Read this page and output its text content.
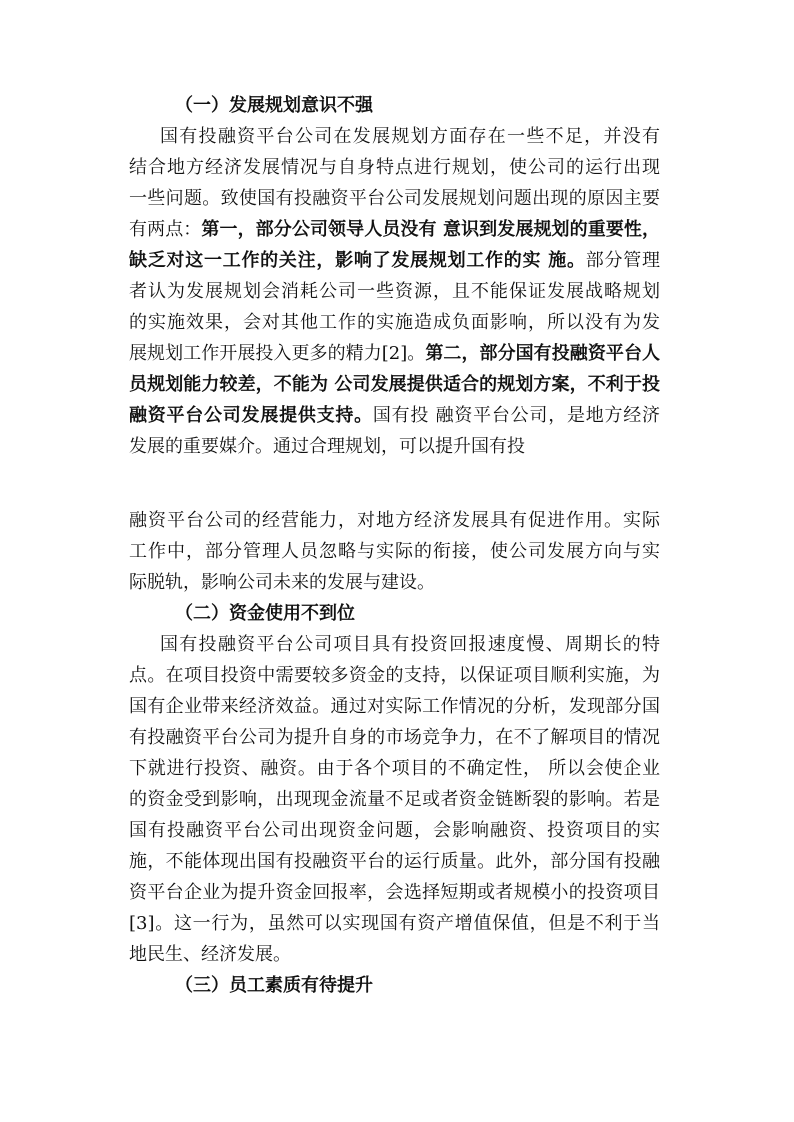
（一）发展规划意识不强
国有投融资平台公司在发展规划方面存在一些不足，并没有
结合地方经济发展情况与自身特点进行规划，使公司的运行出现
一些问题。致使国有投融资平台公司发展规划问题出现的原因主要
有两点：第一，部分公司领导人员没有 意识到发展规划的重要性，
缺乏对这一工作的关注，影响了发展规划工作的实 施。部分管理
者认为发展规划会消耗公司一些资源，且不能保证发展战略规划
的实施效果，会对其他工作的实施造成负面影响，所以没有为发
展规划工作开展投入更多的精力[2]。第二，部分国有投融资平台人
员规划能力较差，不能为 公司发展提供适合的规划方案，不利于投
融资平台公司发展提供支持。国有投 融资平台公司，是地方经济
发展的重要媒介。通过合理规划，可以提升国有投
融资平台公司的经营能力，对地方经济发展具有促进作用。实际
工作中，部分管理人员忽略与实际的衔接，使公司发展方向与实
际脱轨，影响公司未来的发展与建设。
（二）资金使用不到位
国有投融资平台公司项目具有投资回报速度慢、周期长的特
点。在项目投资中需要较多资金的支持，以保证项目顺利实施，为
国有企业带来经济效益。通过对实际工作情况的分析，发现部分国
有投融资平台公司为提升自身的市场竞争力，在不了解项目的情况
下就进行投资、融资。由于各个项目的不确定性， 所以会使企业
的资金受到影响，出现现金流量不足或者资金链断裂的影响。若是
国有投融资平台公司出现资金问题，会影响融资、投资项目的实
施，不能体现出国有投融资平台的运行质量。此外，部分国有投融
资平台企业为提升资金回报率，会选择短期或者规模小的投资项目
[3]。这一行为，虽然可以实现国有资产增值保值，但是不利于当
地民生、经济发展。
（三）员工素质有待提升
